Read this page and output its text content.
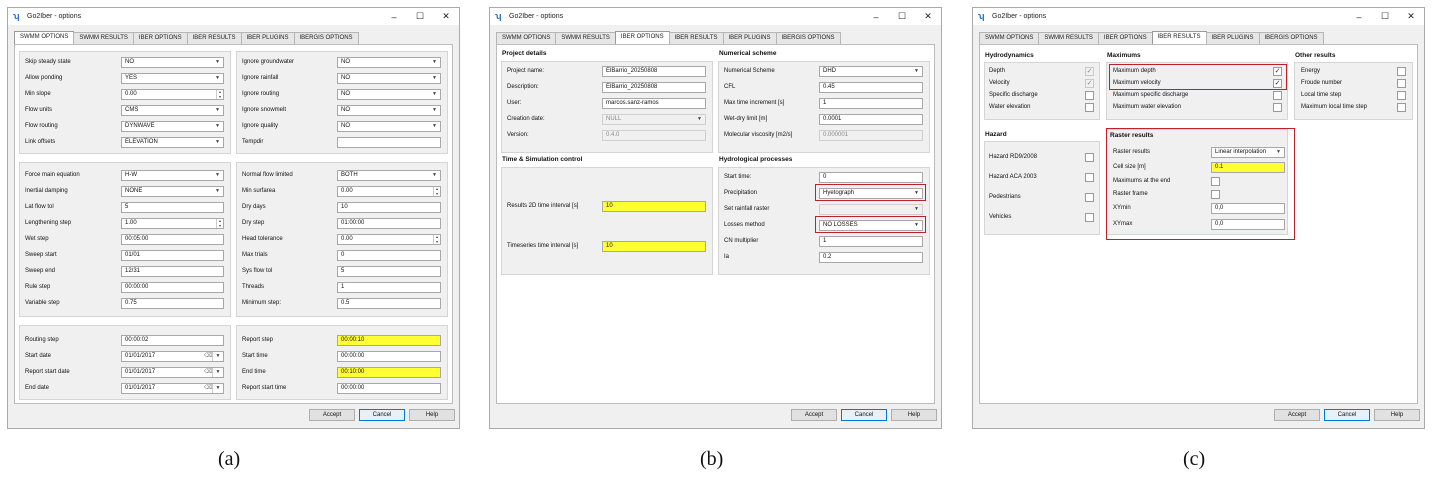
ʮ	Go2Iber - options	–	☐	✕
SWMM OPTIONS	SWMM RESULTS	IBER OPTIONS	IBER RESULTS	IBER PLUGINS	IBERGIS OPTIONS
Skip steady state	NO	▼
Allow ponding	YES	▼
Min slope	0.00	▲
▼
Flow units	CMS	▼
Flow routing	DYNWAVE	▼
Link offsets	ELEVATION	▼
Ignore groundwater	NO	▼
Ignore rainfall	NO	▼
Ignore routing	NO	▼
Ignore snowmelt	NO	▼
Ignore quality	NO	▼
Tempdir
Force main equation	H-W	▼
Inertial damping	NONE	▼
Lat flow tol	5
Lengthening step	1.00	▲
▼
Wet step	00:05:00
Sweep start	01/01
Sweep end	12/31
Rule step	00:00:00
Variable step	0.75
Normal flow limited	BOTH	▼
Min surfarea	0.00	▲
▼
Dry days	10
Dry step	01:00:00
Head tolerance	0.00	▲
▼
Max trials	0
Sys flow tol	5
Threads	1
Minimum step:	0.5
Routing step	00:00:02
Start date	01/01/2017	⌫ ▼
Report start date	01/01/2017	⌫ ▼
End date	01/01/2017	⌫ ▼
Report step	00:00:10
Start time	00:00:00
End time	00:10:00
Report start time	00:00:00
Accept	Cancel	Help
ʮ	Go2Iber - options	–	☐	✕
SWMM OPTIONS	SWMM RESULTS	IBER OPTIONS	IBER RESULTS	IBER PLUGINS	IBERGIS OPTIONS
Project details
Project name:	ElBarrio_20250808
Description:	ElBarrio_20250808
User:	marcos.sanz-ramos
Creation date:	NULL	▼
Version:	0.4.0
Numerical scheme
Numerical Scheme	DHD	▼
CFL	0.45
Max time increment [s]	1
Wet-dry limit [m]	0.0001
Molecular viscosity [m2/s]	0.000001
Time & Simulation control
Results 2D time interval [s]	10
Timeseries time interval [s]	10
Hydrological processes
Start time:	0
Precipitation	Hyetograph	▼
Set rainfall raster	▼
Losses method	NO LOSSES	▼
CN multiplier	1
Ia	0.2
Accept	Cancel	Help
ʮ	Go2Iber - options	–	☐	✕
SWMM OPTIONS	SWMM RESULTS	IBER OPTIONS	IBER RESULTS	IBER PLUGINS	IBERGIS OPTIONS
Hydrodynamics
Depth	✓
Velocity	✓
Specific discharge
Water elevation
Maximums
Maximum depth	✓
Maximum velocity	✓
Maximum specific discharge
Maximum water elevation
Other results
Energy
Froude number
Local time step
Maximum local time step
Hazard
Hazard RD9/2008
Hazard ACA 2003
Pedestrians
Vehicles
Raster results
Raster results	Linear interpolation	▼
Cell size [m]	0.1
Maximums at the end
Raster frame
XYmin	0,0
XYmax	0,0
Accept	Cancel	Help
(a)	(b)	(c)
